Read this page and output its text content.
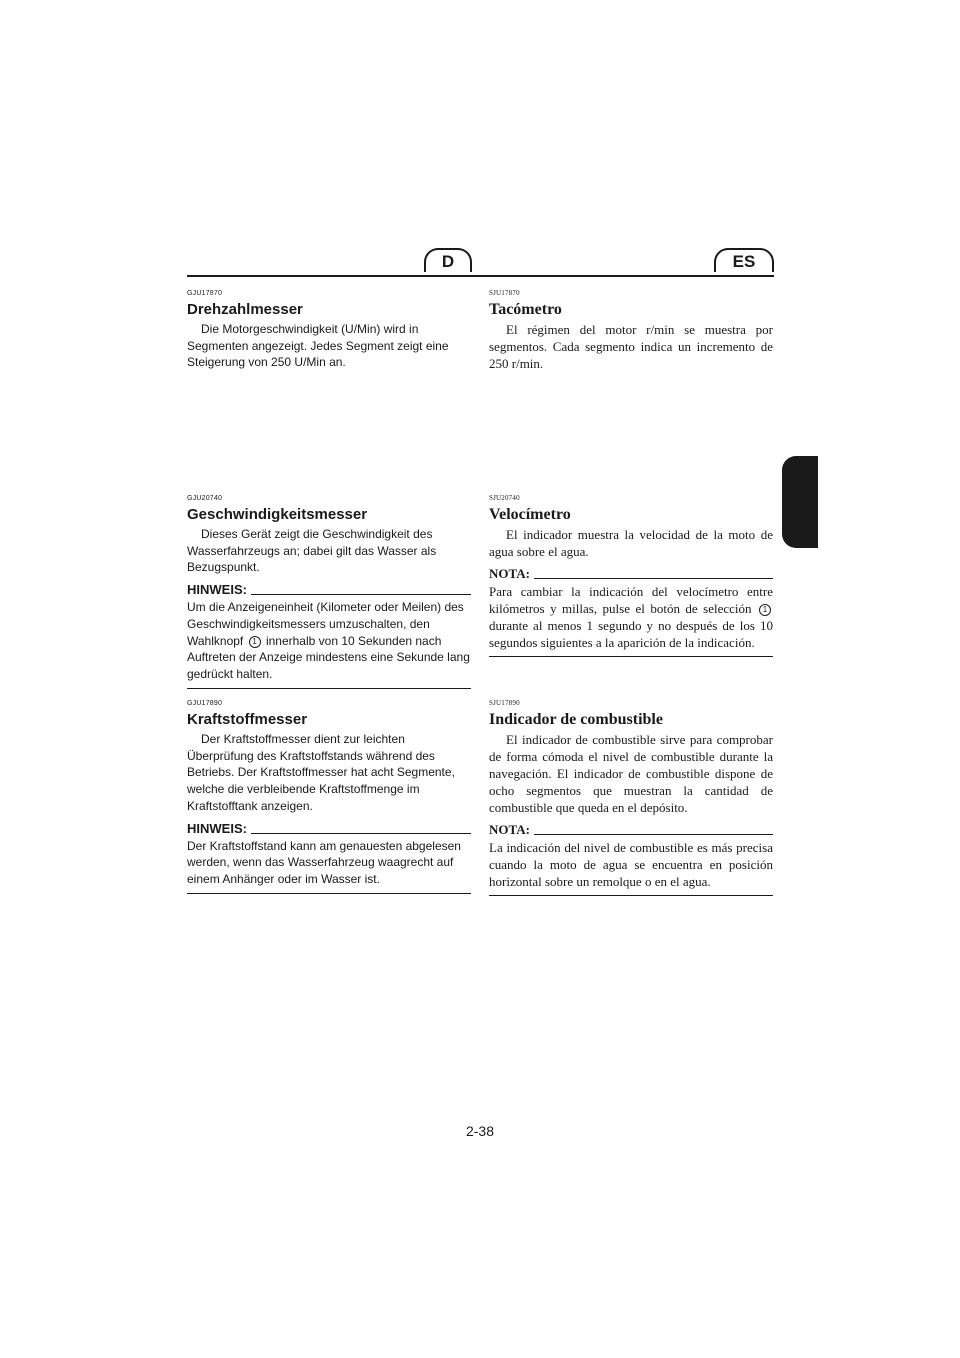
D	ES
GJU17870
Drehzahlmesser

Die Motorgeschwindigkeit (U/Min) wird in Segmenten angezeigt. Jedes Segment zeigt eine Steigerung von 250 U/Min an.

GJU20740
Geschwindigkeitsmesser

Dieses Gerät zeigt die Geschwindigkeit des Wasserfahrzeugs an; dabei gilt das Wasser als Bezugspunkt.

HINWEIS:

Um die Anzeigeneinheit (Kilometer oder Meilen) des Geschwindigkeitsmessers umzuschalten, den Wahlknopf 1 innerhalb von 10 Sekunden nach Auftreten der Anzeige mindestens eine Sekunde lang gedrückt halten.

GJU17890
Kraftstoffmesser

Der Kraftstoffmesser dient zur leichten Überprüfung des Kraftstoffstands während des Betriebs. Der Kraftstoffmesser hat acht Segmente, welche die verbleibende Kraftstoffmenge im Kraftstofftank anzeigen.

HINWEIS:

Der Kraftstoffstand kann am genauesten abgelesen werden, wenn das Wasserfahrzeug waagrecht auf einem Anhänger oder im Wasser ist.

SJU17870
Tacómetro

El régimen del motor r/min se muestra por segmentos. Cada segmento indica un incremento de 250 r/min.

SJU20740
Velocímetro

El indicador muestra la velocidad de la moto de agua sobre el agua.

NOTA:

Para cambiar la indicación del velocímetro entre kilómetros y millas, pulse el botón de selección 1 durante al menos 1 segundo y no después de los 10 segundos siguientes a la aparición de la indicación.

SJU17890
Indicador de combustible

El indicador de combustible sirve para comprobar de forma cómoda el nivel de combustible durante la navegación. El indicador de combustible dispone de ocho segmentos que muestran la cantidad de combustible que queda en el depósito.

NOTA:

La indicación del nivel de combustible es más precisa cuando la moto de agua se encuentra en posición horizontal sobre un remolque o en el agua.

2-38
